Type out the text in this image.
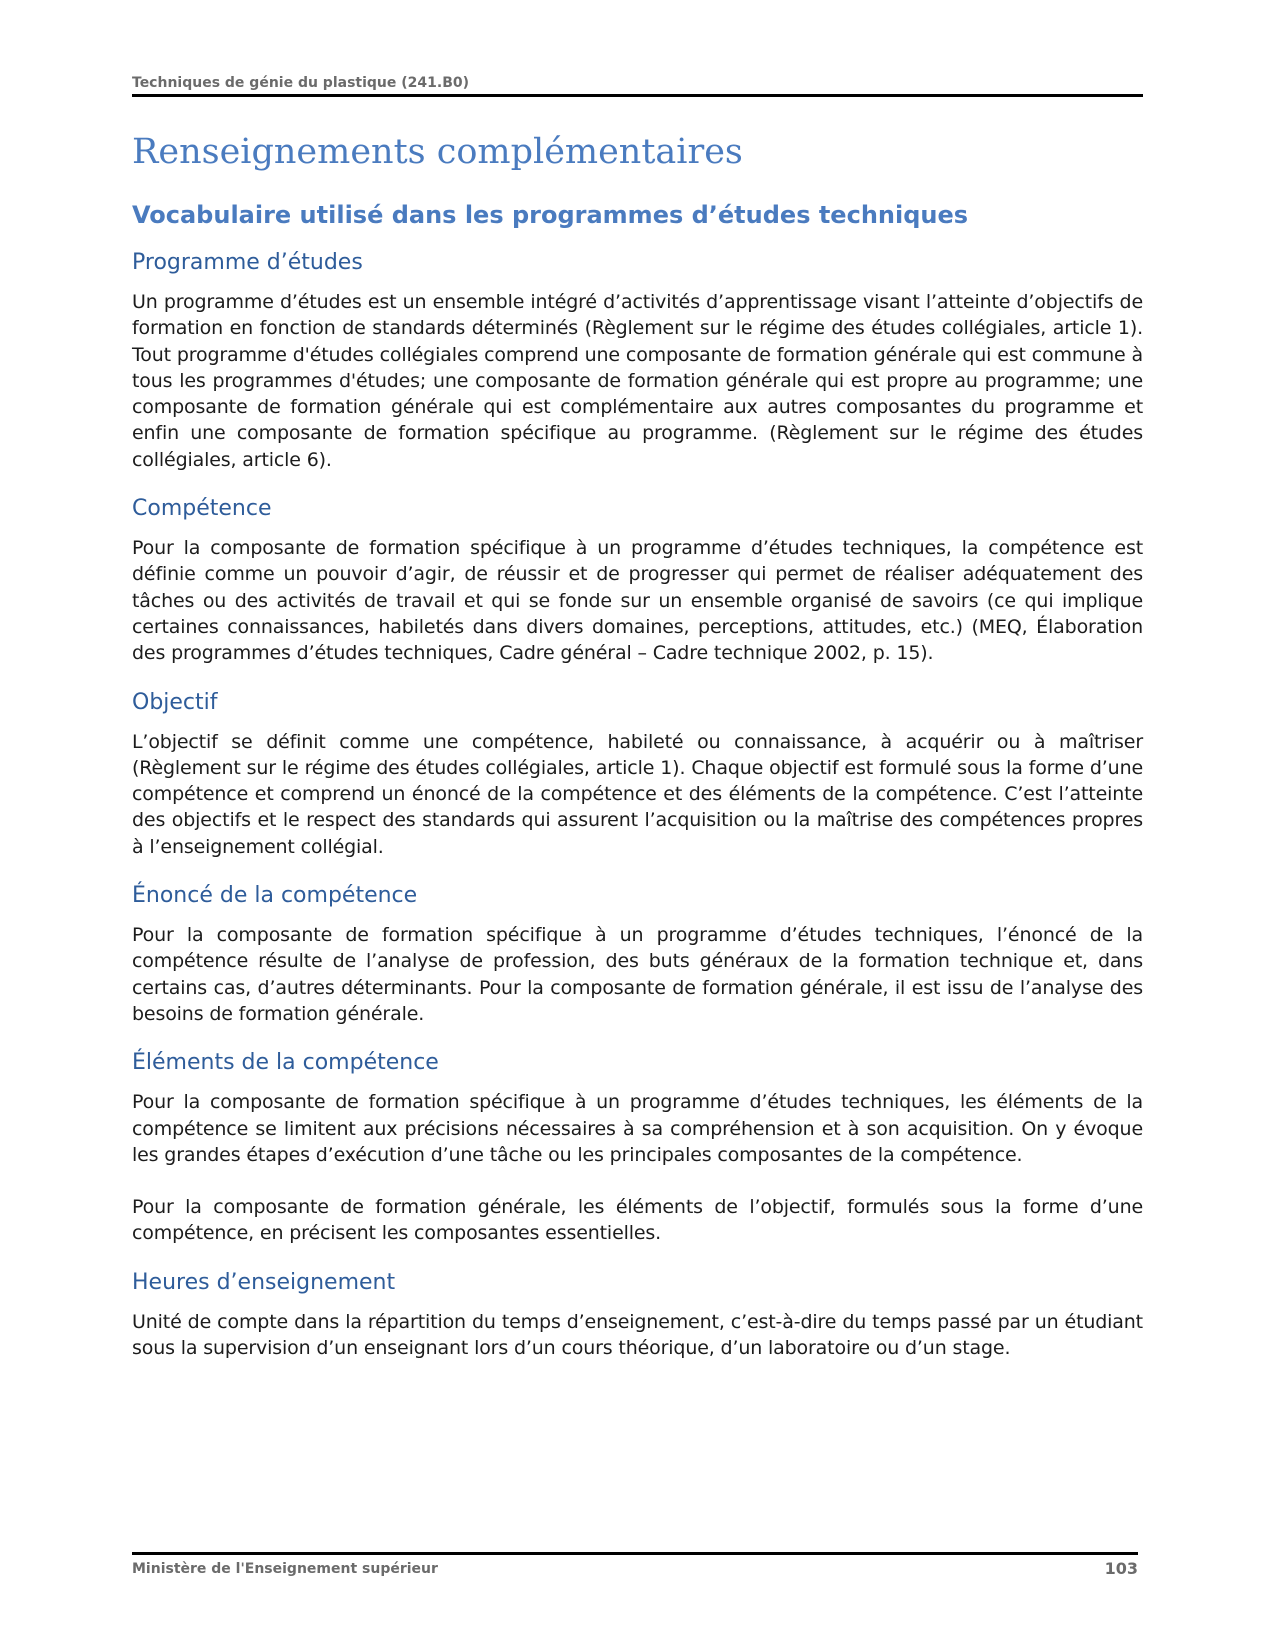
Techniques de génie du plastique (241.B0)
Renseignements complémentaires
Vocabulaire utilisé dans les programmes d’études techniques
Programme d’études

Un programme d’études est un ensemble intégré d’activités d’apprentissage visant l’atteinte d’objectifs de formation en fonction de standards déterminés (Règlement sur le régime des études collégiales, article 1). Tout programme d'études collégiales comprend une composante de formation générale qui est commune à tous les programmes d'études; une composante de formation générale qui est propre au programme; une composante de formation générale qui est complémentaire aux autres composantes du programme et enfin une composante de formation spécifique au programme. (Règlement sur le régime des études collégiales, article 6).

Compétence

Pour la composante de formation spécifique à un programme d’études techniques, la compétence est définie comme un pouvoir d’agir, de réussir et de progresser qui permet de réaliser adéquatement des tâches ou des activités de travail et qui se fonde sur un ensemble organisé de savoirs (ce qui implique certaines connaissances, habiletés dans divers domaines, perceptions, attitudes, etc.) (MEQ, Élaboration des programmes d’études techniques, Cadre général – Cadre technique 2002, p. 15).

Objectif

L’objectif se définit comme une compétence, habileté ou connaissance, à acquérir ou à maîtriser (Règlement sur le régime des études collégiales, article 1). Chaque objectif est formulé sous la forme d’une compétence et comprend un énoncé de la compétence et des éléments de la compétence. C’est l’atteinte des objectifs et le respect des standards qui assurent l’acquisition ou la maîtrise des compétences propres à l’enseignement collégial.

Énoncé de la compétence

Pour la composante de formation spécifique à un programme d’études techniques, l’énoncé de la compétence résulte de l’analyse de profession, des buts généraux de la formation technique et, dans certains cas, d’autres déterminants. Pour la composante de formation générale, il est issu de l’analyse des besoins de formation générale.

Éléments de la compétence

Pour la composante de formation spécifique à un programme d’études techniques, les éléments de la compétence se limitent aux précisions nécessaires à sa compréhension et à son acquisition. On y évoque les grandes étapes d’exécution d’une tâche ou les principales composantes de la compétence.

Pour la composante de formation générale, les éléments de l’objectif, formulés sous la forme d’une compétence, en précisent les composantes essentielles.

Heures d’enseignement

Unité de compte dans la répartition du temps d’enseignement, c’est-à-dire du temps passé par un étudiant sous la supervision d’un enseignant lors d’un cours théorique, d’un laboratoire ou d’un stage.

Ministère de l'Enseignement supérieur	103
